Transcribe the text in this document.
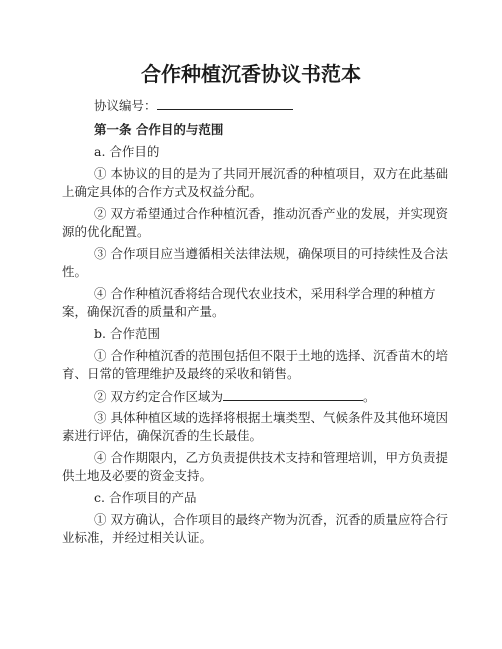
合作种植沉香协议书范本
协议编号：
第一条 合作目的与范围
a. 合作目的
① 本协议的目的是为了共同开展沉香的种植项目，双方在此基础
上确定具体的合作方式及权益分配。
② 双方希望通过合作种植沉香，推动沉香产业的发展，并实现资
源的优化配置。
③ 合作项目应当遵循相关法律法规，确保项目的可持续性及合法
性。
④ 合作种植沉香将结合现代农业技术，采用科学合理的种植方
案，确保沉香的质量和产量。
b. 合作范围
① 合作种植沉香的范围包括但不限于土地的选择、沉香苗木的培
育、日常的管理维护及最终的采收和销售。
② 双方约定合作区域为	。
③ 具体种植区域的选择将根据土壤类型、气候条件及其他环境因
素进行评估，确保沉香的生长最佳。
④ 合作期限内，乙方负责提供技术支持和管理培训，甲方负责提
供土地及必要的资金支持。
c. 合作项目的产品
① 双方确认，合作项目的最终产物为沉香，沉香的质量应符合行
业标准，并经过相关认证。
